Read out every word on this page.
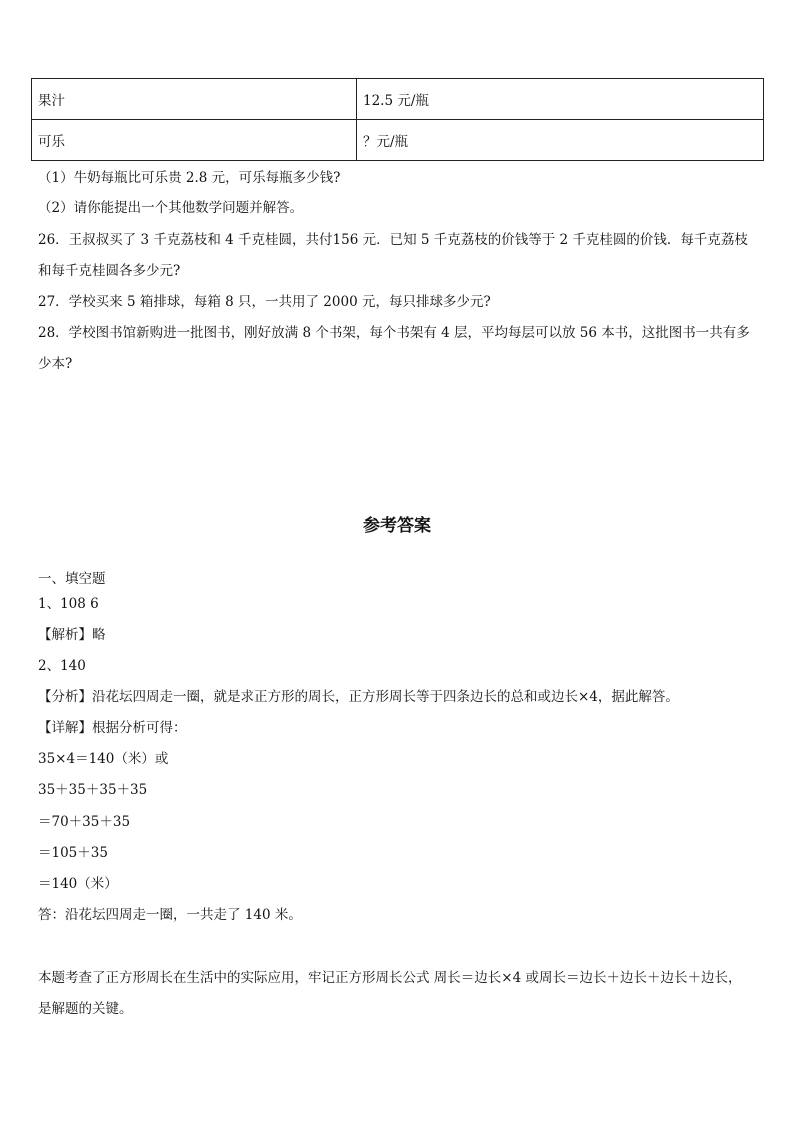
果汁	12.5 元/瓶
可乐	？元/瓶

（1）牛奶每瓶比可乐贵 2.8 元，可乐每瓶多少钱?

（2）请你能提出一个其他数学问题并解答。

26．王叔叔买了 3 千克荔枝和 4 千克桂圆，共付156 元．已知 5 千克荔枝的价钱等于 2 千克桂圆的价钱．每千克荔枝

和每千克桂圆各多少元?

27．学校买来 5 箱排球，每箱 8 只，一共用了 2000 元，每只排球多少元?

28．学校图书馆新购进一批图书，刚好放满 8 个书架，每个书架有 4 层，平均每层可以放 56 本书，这批图书一共有多

少本?

参考答案

一、填空题

1、108 6

【解析】略

2、140

【分析】沿花坛四周走一圈，就是求正方形的周长，正方形周长等于四条边长的总和或边长×4，据此解答。

【详解】根据分析可得：

35×4＝140（米）或

35＋35＋35＋35

＝70＋35＋35

＝105＋35

＝140（米）

答：沿花坛四周走一圈，一共走了 140 米。

本题考查了正方形周长在生活中的实际应用，牢记正方形周长公式 周长＝边长×4 或周长＝边长＋边长＋边长＋边长，

是解题的关键。
